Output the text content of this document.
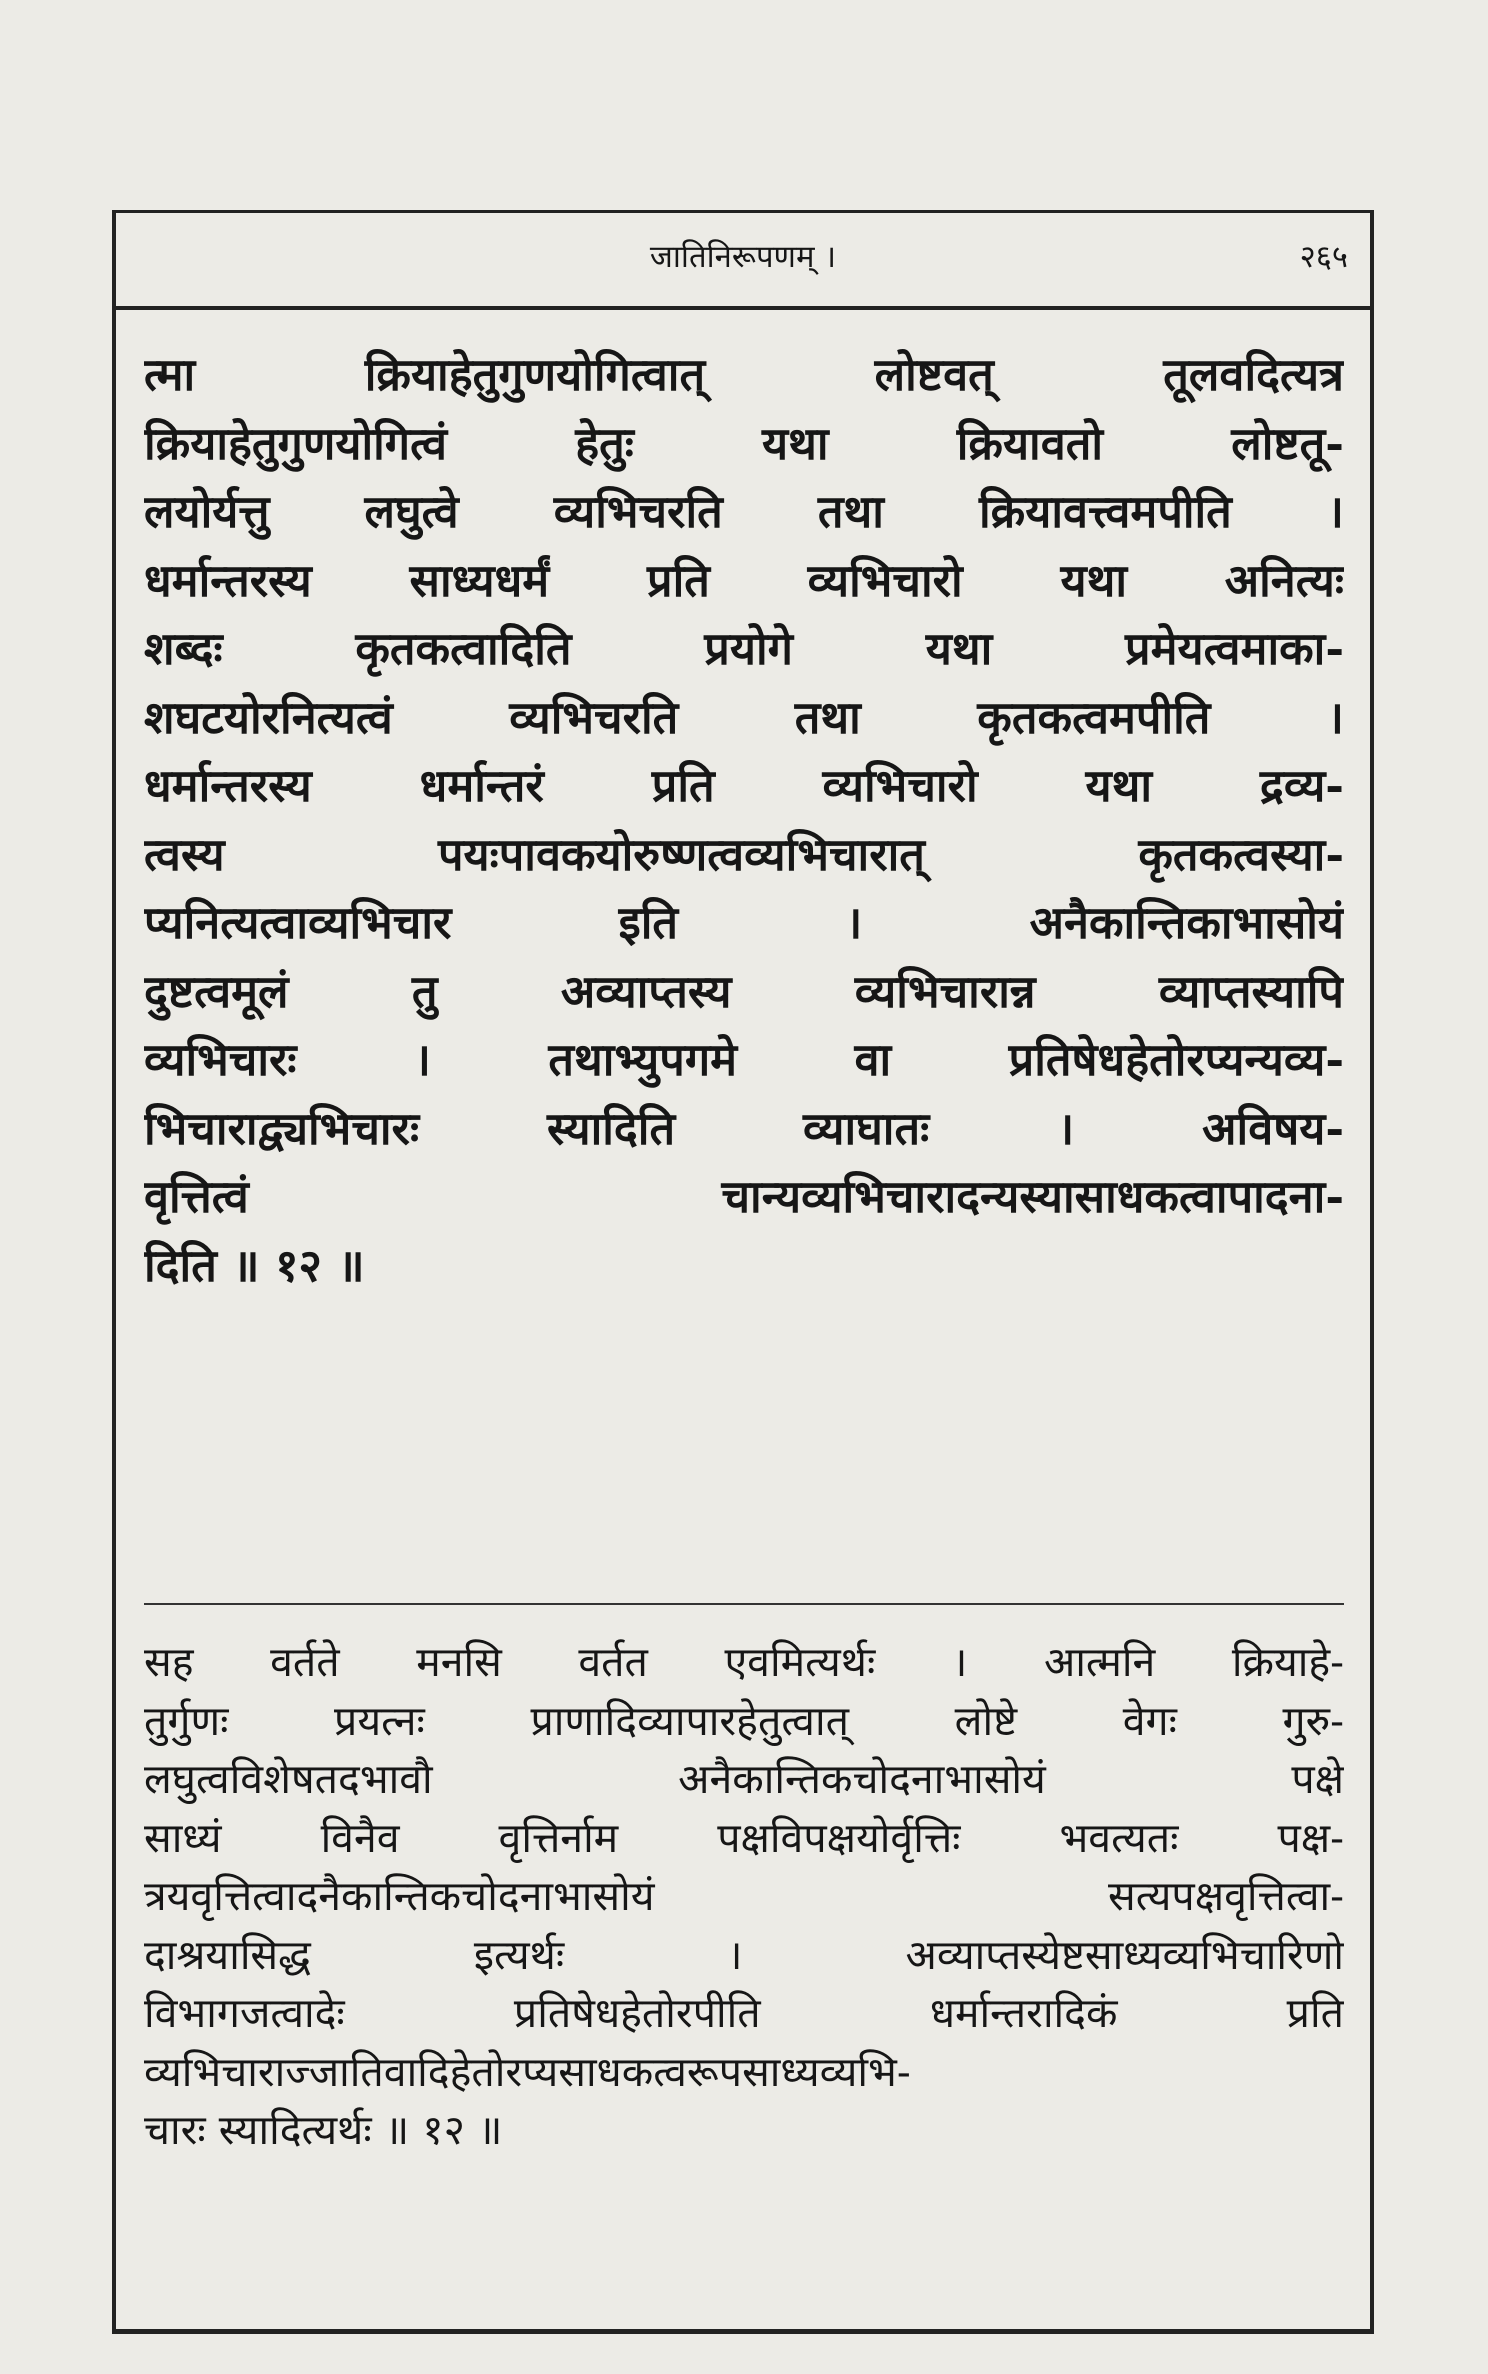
जातिनिरूपणम् ।	२६५
त्मा क्रियाहेतुगुणयोगित्वात् लोष्टवत् तूलवदित्यत्र
क्रियाहेतुगुणयोगित्वं हेतुः यथा क्रियावतो लोष्टतू-
लयोर्यत्तु लघुत्वे व्यभिचरति तथा क्रियावत्त्वमपीति ।
धर्मान्तरस्य साध्यधर्मं प्रति व्यभिचारो यथा अनित्यः
शब्दः कृतकत्वादिति प्रयोगे यथा प्रमेयत्वमाका-
शघटयोरनित्यत्वं व्यभिचरति तथा कृतकत्वमपीति ।
धर्मान्तरस्य धर्मान्तरं प्रति व्यभिचारो यथा द्रव्य-
त्वस्य पयःपावकयोरुष्णत्वव्यभिचारात् कृतकत्वस्या-
प्यनित्यत्वाव्यभिचार इति । अनैकान्तिकाभासोयं
दुष्टत्वमूलं तु अव्याप्तस्य व्यभिचारान्न व्याप्तस्यापि
व्यभिचारः । तथाभ्युपगमे वा प्रतिषेधहेतोरप्यन्यव्य-
भिचाराद्व्यभिचारः स्यादिति व्याघातः । अविषय-
वृत्तित्वं चान्यव्यभिचारादन्यस्यासाधकत्वापादना-
दिति ॥ १२ ॥
सह वर्तते मनसि वर्तत एवमित्यर्थः । आत्मनि क्रियाहे-
तुर्गुणः प्रयत्नः प्राणादिव्यापारहेतुत्वात् लोष्टे वेगः गुरु-
लघुत्वविशेषतदभावौ अनैकान्तिकचोदनाभासोयं पक्षे
साध्यं विनैव वृत्तिर्नाम पक्षविपक्षयोर्वृत्तिः भवत्यतः पक्ष-
त्रयवृत्तित्वादनैकान्तिकचोदनाभासोयं सत्यपक्षवृत्तित्वा-
दाश्रयासिद्ध इत्यर्थः । अव्याप्तस्येष्टसाध्यव्यभिचारिणो
विभागजत्वादेः प्रतिषेधहेतोरपीति धर्मान्तरादिकं प्रति
व्यभिचाराज्जातिवादिहेतोरप्यसाधकत्वरूपसाध्यव्यभि-
चारः स्यादित्यर्थः ॥ १२ ॥
